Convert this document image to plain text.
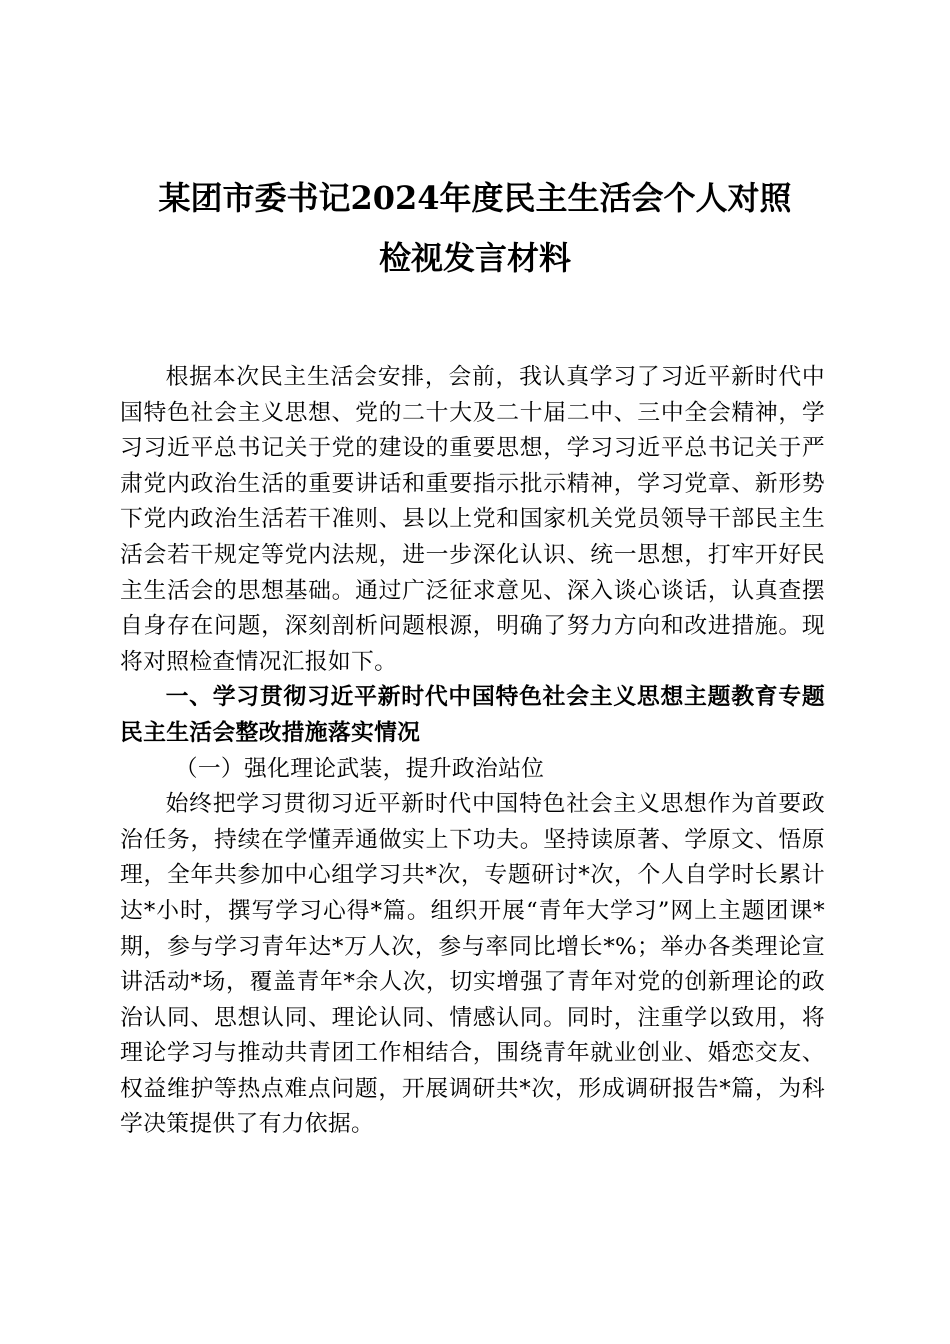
某团市委书记2024年度民主生活会个人对照
检视发言材料

根据本次民主生活会安排，会前，我认真学习了习近平新时代中国特色社会主义思想、党的二十大及二十届二中、三中全会精神，学习习近平总书记关于党的建设的重要思想，学习习近平总书记关于严肃党内政治生活的重要讲话和重要指示批示精神，学习党章、新形势下党内政治生活若干准则、县以上党和国家机关党员领导干部民主生活会若干规定等党内法规，进一步深化认识、统一思想，打牢开好民主生活会的思想基础。通过广泛征求意见、深入谈心谈话，认真查摆自身存在问题，深刻剖析问题根源，明确了努力方向和改进措施。现将对照检查情况汇报如下。

一、学习贯彻习近平新时代中国特色社会主义思想主题教育专题民主生活会整改措施落实情况

（一）强化理论武装，提升政治站位

始终把学习贯彻习近平新时代中国特色社会主义思想作为首要政治任务，持续在学懂弄通做实上下功夫。坚持读原著、学原文、悟原理，全年共参加中心组学习共*次，专题研讨*次，个人自学时长累计达*小时，撰写学习心得*篇。组织开展“青年大学习”网上主题团课*期，参与学习青年达*万人次，参与率同比增长*%；举办各类理论宣讲活动*场，覆盖青年*余人次，切实增强了青年对党的创新理论的政治认同、思想认同、理论认同、情感认同。同时，注重学以致用，将理论学习与推动共青团工作相结合，围绕青年就业创业、婚恋交友、权益维护等热点难点问题，开展调研共*次，形成调研报告*篇，为科学决策提供了有力依据。
